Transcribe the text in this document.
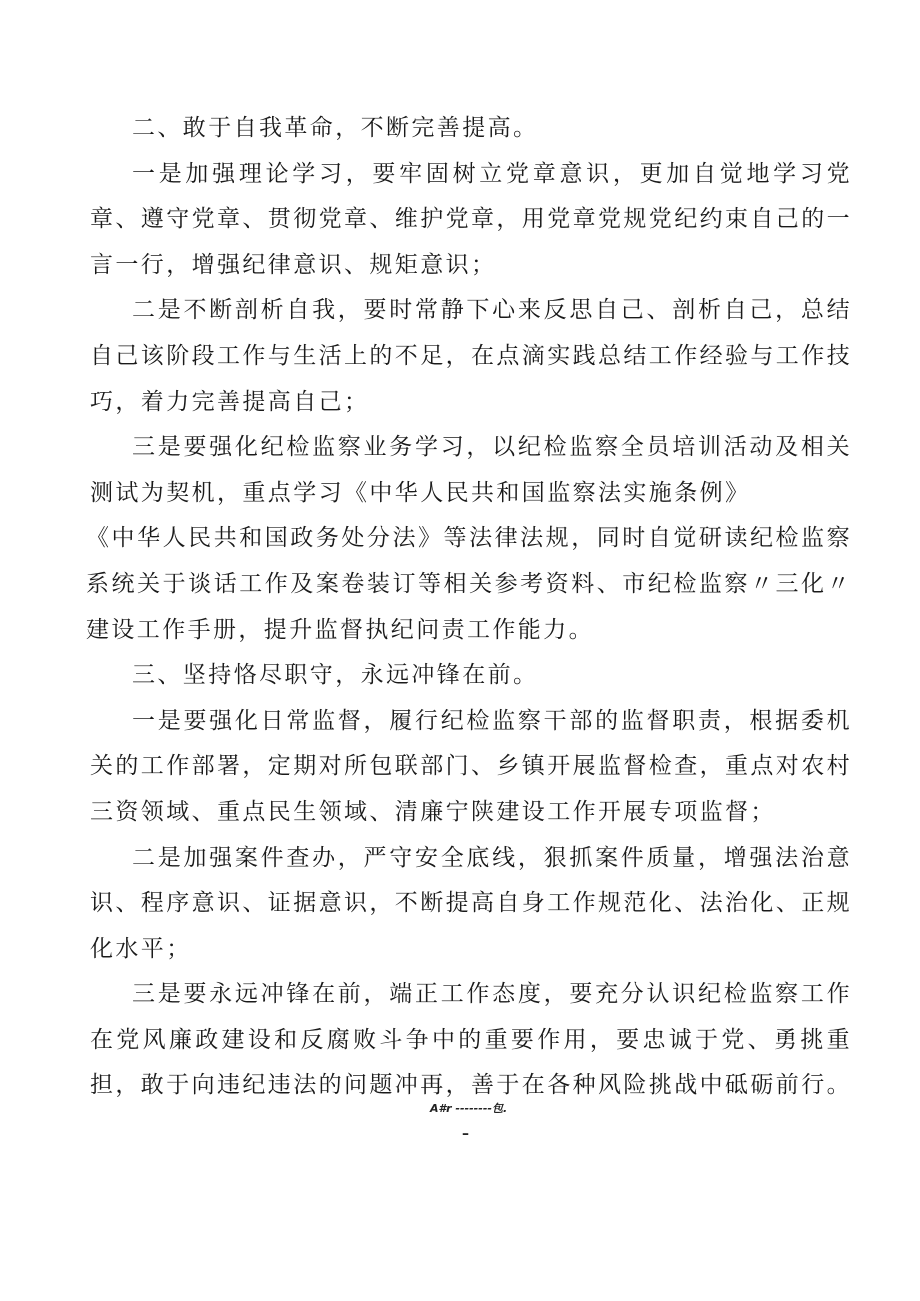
二、敢于自我革命，不断完善提高。

一是加强理论学习，要牢固树立党章意识，更加自觉地学习党章、遵守党章、贯彻党章、维护党章，用党章党规党纪约束自己的一言一行，增强纪律意识、规矩意识；

二是不断剖析自我，要时常静下心来反思自己、剖析自己，总结自己该阶段工作与生活上的不足，在点滴实践总结工作经验与工作技巧，着力完善提高自己；

三是要强化纪检监察业务学习，以纪检监察全员培训活动及相关测试为契机，重点学习《中华人民共和国监察法实施条例》

《中华人民共和国政务处分法》等法律法规，同时自觉研读纪检监察系统关于谈话工作及案卷装订等相关参考资料、市纪检监察〃三化〃建设工作手册，提升监督执纪问责工作能力。

三、坚持恪尽职守，永远冲锋在前。

一是要强化日常监督，履行纪检监察干部的监督职责，根据委机关的工作部署，定期对所包联部门、乡镇开展监督检查，重点对农村三资领域、重点民生领域、清廉宁陕建设工作开展专项监督；

二是加强案件查办，严守安全底线，狠抓案件质量，增强法治意识、程序意识、证据意识，不断提高自身工作规范化、法治化、正规化水平；

三是要永远冲锋在前，端正工作态度，要充分认识纪检监察工作在党风廉政建设和反腐败斗争中的重要作用，要忠诚于党、勇挑重担，敢于向违纪违法的问题冲再，善于在各种风险挑战中砥砺前行。

A#r --------包.
–
